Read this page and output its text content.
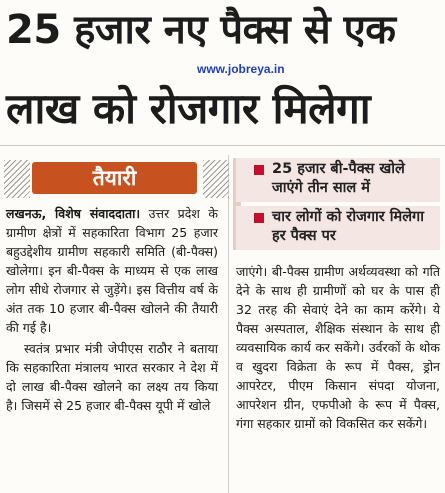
25 हजार नए पैक्स से एक
www.jobreya.in
लाख को रोजगार मिलेगा
तैयारी	25 हजार बी-पैक्स खोले जाएंगे तीन साल में
चार लोगों को रोजगार मिलेगा हर पैक्स पर

लखनऊ, विशेष संवाददाता। उत्तर प्रदेश के ग्रामीण क्षेत्रों में सहकारिता विभाग 25 हजार बहुउद्देशीय ग्रामीण सहकारी समिति (बी-पैक्स) खोलेगा। इन बी-पैक्स के माध्यम से एक लाख लोग सीधे रोजगार से जुड़ेंगे। इस वित्तीय वर्ष के अंत तक 10 हजार बी-पैक्स खोलने की तैयारी की गई है।

स्वतंत्र प्रभार मंत्री जेपीएस राठौर ने बताया कि सहकारिता मंत्रालय भारत सरकार ने देश में दो लाख बी-पैक्स खोलने का लक्ष्य तय किया है। जिसमें से 25 हजार बी-पैक्स यूपी में खोले

जाएंगे। बी-पैक्स ग्रामीण अर्थव्यवस्था को गति देने के साथ ही ग्रामीणों को घर के पास ही 32 तरह की सेवाएं देने का काम करेंगे। ये पैक्स अस्पताल, शैक्षिक संस्थान के साथ ही व्यवसायिक कार्य कर सकेंगे। उर्वरकों के थोक व खुदरा विक्रेता के रूप में पैक्स, ड्रोन आपरेटर, पीएम किसान संपदा योजना, आपरेशन ग्रीन, एफपीओ के रूप में पैक्स, गंगा सहकार ग्रामों को विकसित कर सकेंगे।
